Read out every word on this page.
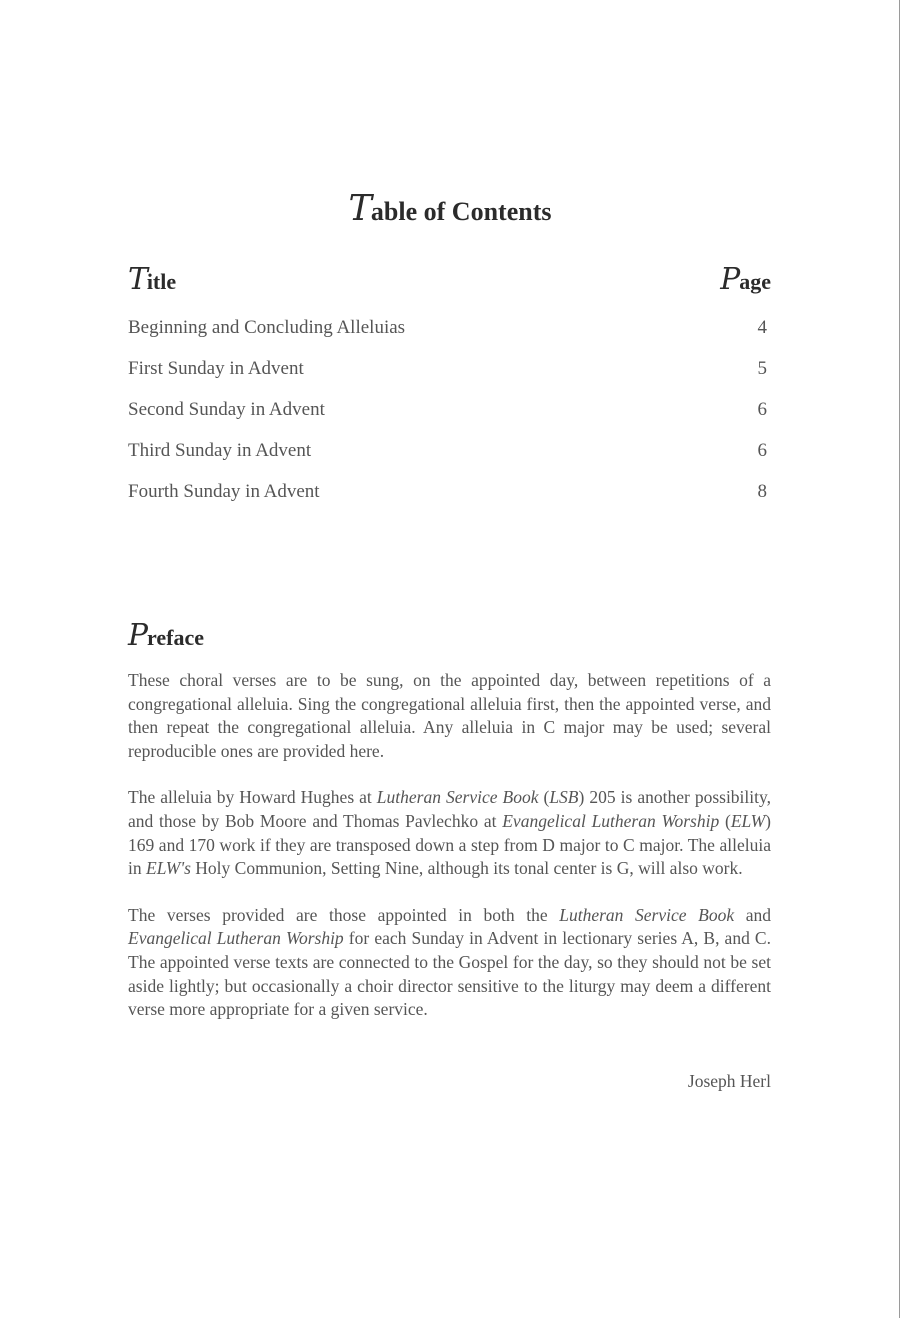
Table of Contents
Title	Page
Beginning and Concluding Alleluias	4
First Sunday in Advent	5
Second Sunday in Advent	6
Third Sunday in Advent	6
Fourth Sunday in Advent	8
Preface

These choral verses are to be sung, on the appointed day, between repetitions of a congregational alleluia. Sing the congregational alleluia first, then the appointed verse, and then repeat the congregational alleluia. Any alleluia in C major may be used; several reproducible ones are provided here.

The alleluia by Howard Hughes at Lutheran Service Book (LSB) 205 is another possibility, and those by Bob Moore and Thomas Pavlechko at Evangelical Lutheran Worship (ELW) 169 and 170 work if they are transposed down a step from D major to C major. The alleluia in ELW's Holy Communion, Setting Nine, although its tonal center is G, will also work.

The verses provided are those appointed in both the Lutheran Service Book and Evangelical Lutheran Worship for each Sunday in Advent in lectionary series A, B, and C. The appointed verse texts are connected to the Gospel for the day, so they should not be set aside lightly; but occasionally a choir director sensitive to the liturgy may deem a different verse more appropriate for a given service.

Joseph Herl
